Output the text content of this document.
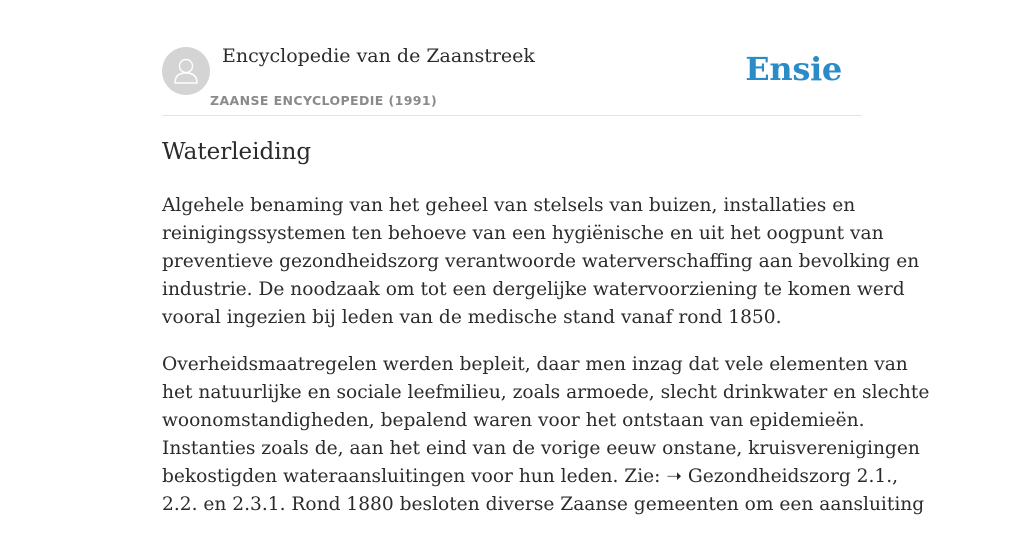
Encyclopedie van de Zaanstreek
ZAANSE ENCYCLOPEDIE (1991)
Ensie
Waterleiding

Algehele benaming van het geheel van stelsels van buizen, installaties en
reinigingssystemen ten behoeve van een hygiënische en uit het oogpunt van
preventieve gezondheidszorg verantwoorde waterverschaffing aan bevolking en
industrie. De noodzaak om tot een dergelijke watervoorziening te komen werd
vooral ingezien bij leden van de medische stand vanaf rond 1850.

Overheidsmaatregelen werden bepleit, daar men inzag dat vele elementen van
het natuurlijke en sociale leefmilieu, zoals armoede, slecht drinkwater en slechte
woonomstandigheden, bepalend waren voor het ontstaan van epidemieën.
Instanties zoals de, aan het eind van de vorige eeuw onstane, kruisverenigingen
bekostigden wateraansluitingen voor hun leden. Zie: ➝ Gezondheidszorg 2.1.,
2.2. en 2.3.1. Rond 1880 besloten diverse Zaanse gemeenten om een aansluiting
